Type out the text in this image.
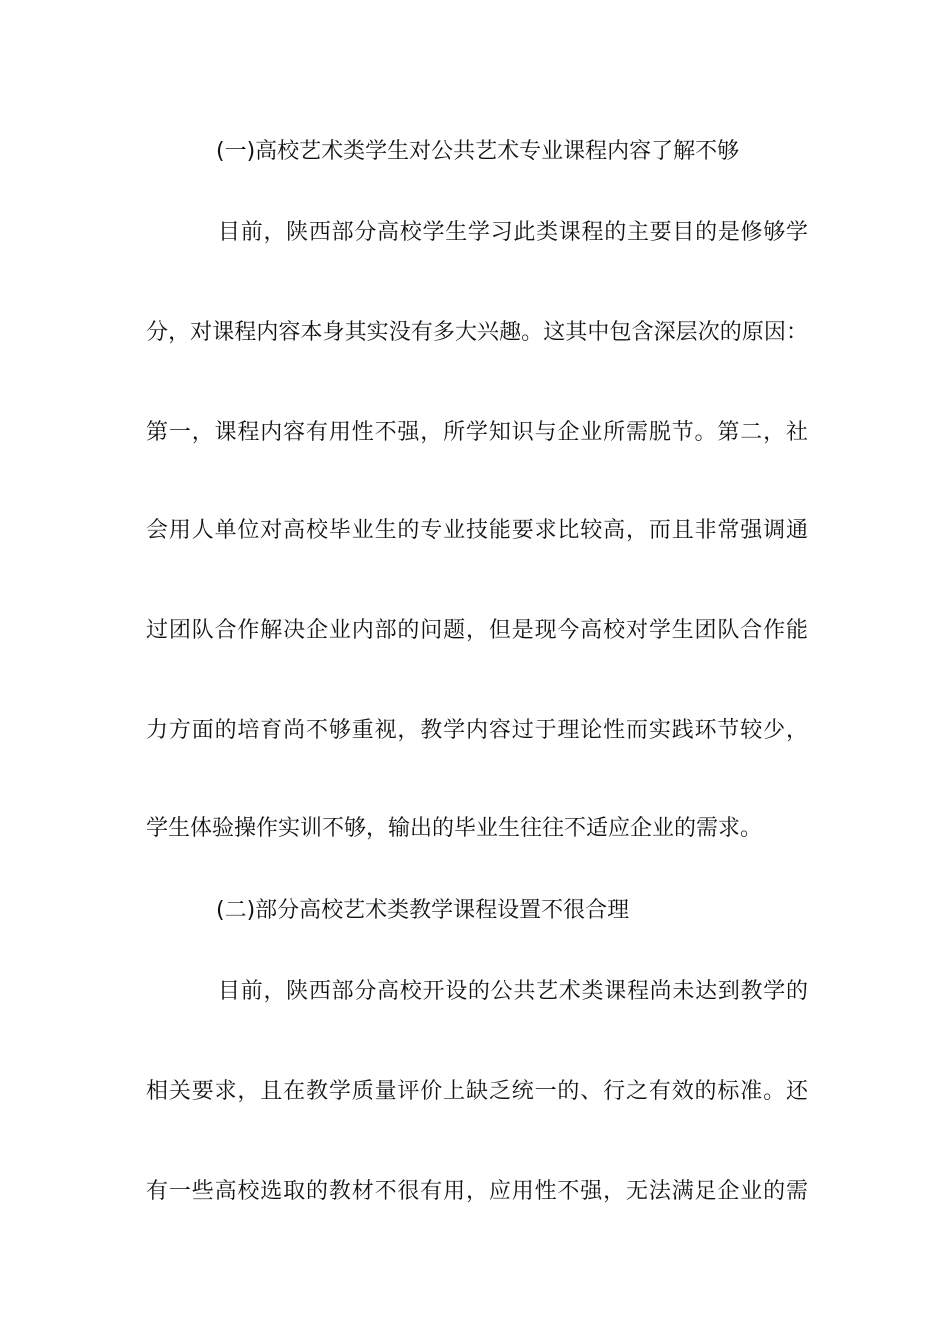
(一)高校艺术类学生对公共艺术专业课程内容了解不够
目前，陕西部分高校学生学习此类课程的主要目的是修够学
分，对课程内容本身其实没有多大兴趣。这其中包含深层次的原因：
第一，课程内容有用性不强，所学知识与企业所需脱节。第二，社
会用人单位对高校毕业生的专业技能要求比较高，而且非常强调通
过团队合作解决企业内部的问题，但是现今高校对学生团队合作能
力方面的培育尚不够重视，教学内容过于理论性而实践环节较少，
学生体验操作实训不够，输出的毕业生往往不适应企业的需求。
(二)部分高校艺术类教学课程设置不很合理
目前，陕西部分高校开设的公共艺术类课程尚未达到教学的
相关要求，且在教学质量评价上缺乏统一的、行之有效的标准。还
有一些高校选取的教材不很有用，应用性不强，无法满足企业的需
